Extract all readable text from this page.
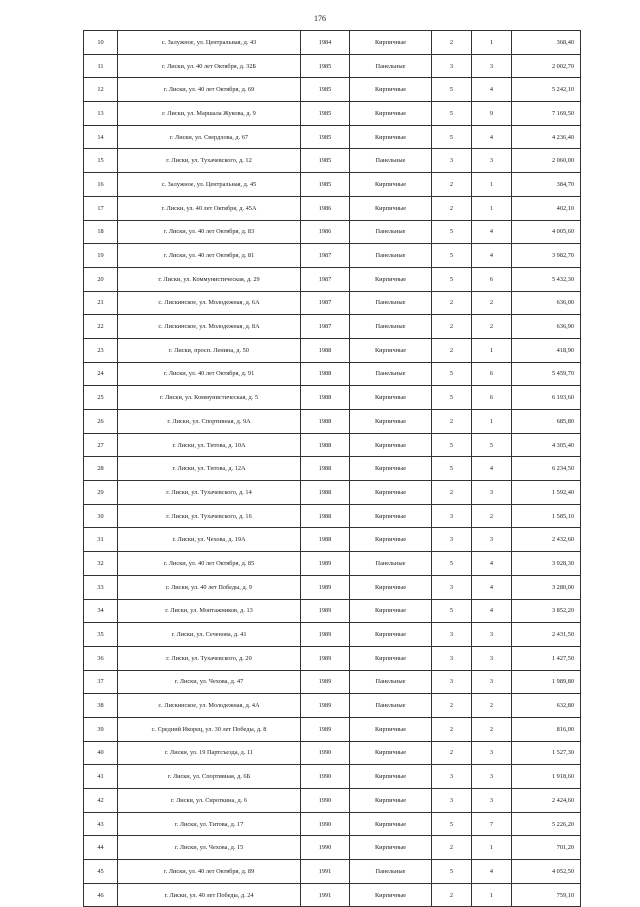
176
10	с. Залужное, ул. Центральная, д. 43	1984	Кирпичные	2	1	368,40
11	г. Лиски, ул. 40 лет Октября, д. 32Б	1985	Панельные	3	3	2 002,70
12	г. Лиски, ул. 40 лет Октября, д. 69	1985	Кирпичные	5	4	5 242,10
13	г. Лиски, ул. Маршала Жукова, д. 9	1985	Кирпичные	5	9	7 169,50
14	г. Лиски, ул. Свердлова, д. 67	1985	Кирпичные	5	4	4 236,40
15	г. Лиски, ул. Тухачевского, д. 12	1985	Панельные	3	3	2 060,00
16	с. Залужное, ул. Центральная, д. 45	1985	Кирпичные	2	1	384,70
17	г. Лиски, ул. 40 лет Октября, д. 45А	1986	Кирпичные	2	1	402,10
18	г. Лиски, ул. 40 лет Октября, д. 83	1986	Панельные	5	4	4 005,60
19	г. Лиски, ул. 40 лет Октября, д. 81	1987	Панельные	5	4	3 982,70
20	г. Лиски, ул. Коммунистическая, д. 29	1987	Кирпичные	5	6	5 432,30
21	с. Лискинское, ул. Молодежная, д. 6А	1987	Панельные	2	2	636,00
22	с. Лискинское, ул. Молодежная, д. 8А	1987	Панельные	2	2	636,90
23	г. Лиски, просп. Ленина, д. 50	1988	Кирпичные	2	1	418,90
24	г. Лиски, ул. 40 лет Октября, д. 91	1988	Панельные	5	6	5 459,70
25	г. Лиски, ул. Коммунистическая, д. 5	1988	Кирпичные	5	6	6 193,60
26	г. Лиски, ул. Спортивная, д. 9А	1988	Кирпичные	2	1	685,80
27	г. Лиски, ул. Титова, д. 10А	1988	Кирпичные	5	5	4 305,40
28	г. Лиски, ул. Титова, д. 12А	1988	Кирпичные	5	4	6 234,50
29	г. Лиски, ул. Тухачевского, д. 14	1988	Кирпичные	2	3	1 592,40
30	г. Лиски, ул. Тухачевского, д. 16	1988	Кирпичные	3	2	1 585,10
31	г. Лиски, ул. Чехова, д. 19А	1988	Кирпичные	3	3	2 432,60
32	г. Лиски, ул. 40 лет Октября, д. 85	1989	Панельные	5	4	3 928,30
33	г. Лиски, ул. 40 лет Победы, д. 9	1989	Кирпичные	3	4	3 280,00
34	г. Лиски, ул. Монтажников, д. 13	1989	Кирпичные	5	4	3 852,20
35	г. Лиски, ул. Сеченова, д. 41	1989	Кирпичные	3	3	2 431,50
36	г. Лиски, ул. Тухачевского, д. 20	1989	Кирпичные	3	3	1 427,50
37	г. Лиски, ул. Чехова, д. 47	1989	Панельные	3	3	1 989,80
38	с. Лискинское, ул. Молодежная, д. 4А	1989	Панельные	2	2	632,80
39	с. Средний Икорец, ул. 30 лет Победы, д. 8	1989	Кирпичные	2	2	816,00
40	г. Лиски, ул. 19 Партсъезда, д. 11	1990	Кирпичные	2	3	1 527,30
41	г. Лиски, ул. Спортивная, д. 6Б	1990	Кирпичные	3	3	1 918,60
42	г. Лиски, ул. Сироткина, д. 6	1990	Кирпичные	3	3	2 424,60
43	г. Лиски, ул. Титова, д. 17	1990	Кирпичные	5	7	5 226,20
44	г. Лиски, ул. Чехова, д. 15	1990	Кирпичные	2	1	701,20
45	г. Лиски, ул. 40 лет Октября, д. 89	1991	Панельные	5	4	4 052,50
46	г. Лиски, ул. 40 лет Победы, д. 24	1991	Кирпичные	2	1	759,10
